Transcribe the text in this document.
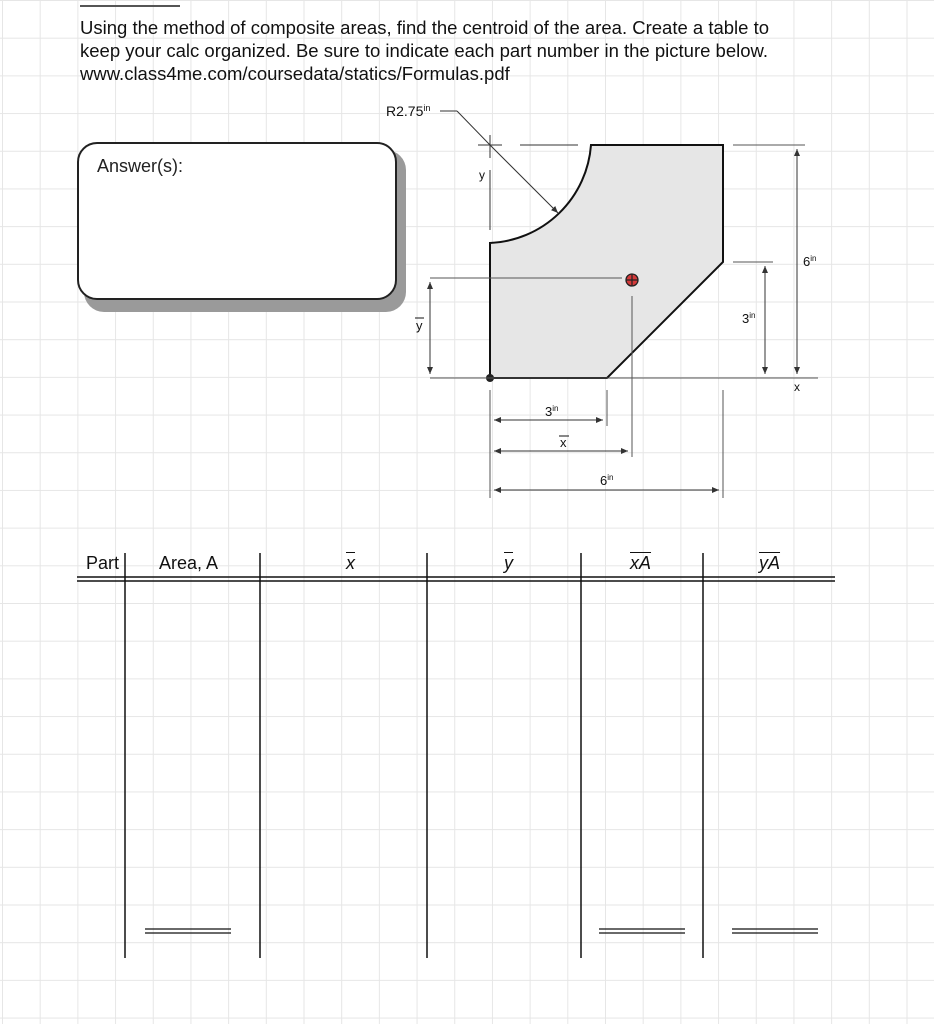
Using the method of composite areas, find the centroid of the area. Create a table to

keep your calc organized. Be sure to indicate each part number in the picture below.

www.class4me.com/coursedata/statics/Formulas.pdf

Answer(s):
$R2.75^{in}$
y
y
$6^{in}$
$3^{in}$
x
$3^{in}$
x
$6^{in}$
Part Area, A	$\overline{x}$	$\overline{y}$	$\overline{xA}$	$\overline{yA}$
